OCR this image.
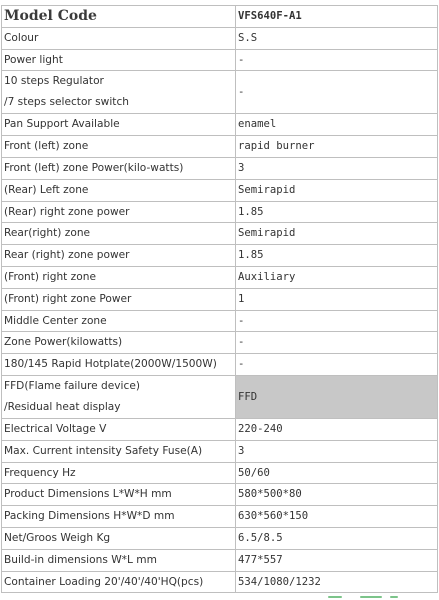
Model Code	VFS640F-A1
Colour	S.S
Power light	-

10 steps Regulator
/7 steps selector switch	-
Pan Support Available	enamel
Front (left) zone	rapid burner
Front (left) zone Power(kilo-watts)	3
(Rear) Left zone	Semirapid
(Rear) right zone power	1.85
Rear(right) zone	Semirapid
Rear (right) zone power	1.85
(Front) right zone	Auxiliary
(Front) right zone Power	1
Middle Center zone	-
Zone Power(kilowatts)	-
180/145 Rapid Hotplate(2000W/1500W)	-

FFD(Flame failure device)
/Residual heat display	FFD
Electrical Voltage V	220-240
Max. Current intensity Safety Fuse(A)	3
Frequency Hz	50/60
Product Dimensions L*W*H mm	580*500*80
Packing Dimensions H*W*D mm	630*560*150
Net/Groos Weigh Kg	6.5/8.5
Build-in dimensions W*L mm	477*557
Container Loading 20'/40'/40'HQ(pcs)	534/1080/1232
